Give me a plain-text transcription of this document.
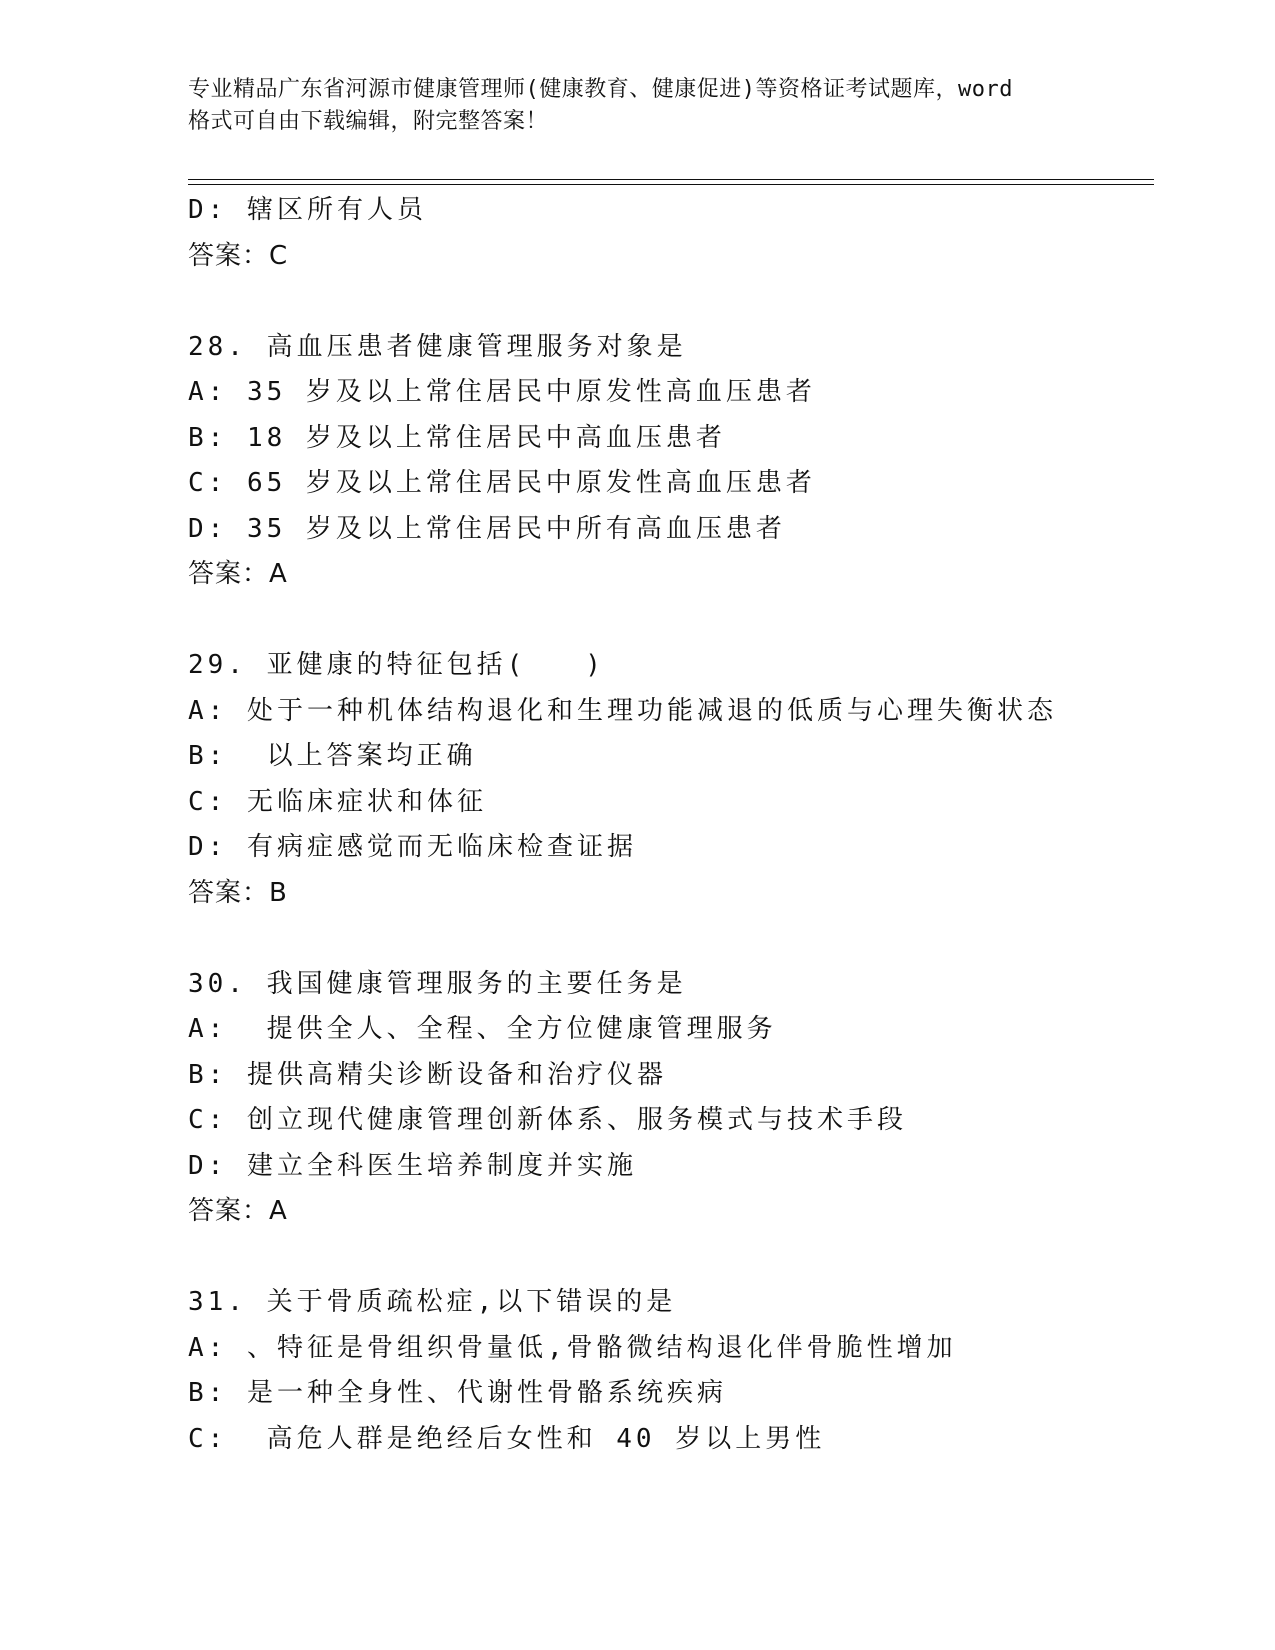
专业精品广东省河源市健康管理师(健康教育、健康促进)等资格证考试题库，word
格式可自由下载编辑，附完整答案！
D: 辖区所有人员
答案：C
28. 高血压患者健康管理服务对象是
A: 35 岁及以上常住居民中原发性高血压患者
B: 18 岁及以上常住居民中高血压患者
C: 65 岁及以上常住居民中原发性高血压患者
D: 35 岁及以上常住居民中所有高血压患者
答案：A
29. 亚健康的特征包括(   )
A: 处于一种机体结构退化和生理功能减退的低质与心理失衡状态
B:  以上答案均正确
C: 无临床症状和体征
D: 有病症感觉而无临床检查证据
答案：B
30. 我国健康管理服务的主要任务是
A:  提供全人、全程、全方位健康管理服务
B: 提供高精尖诊断设备和治疗仪器
C: 创立现代健康管理创新体系、服务模式与技术手段
D: 建立全科医生培养制度并实施
答案：A
31. 关于骨质疏松症,以下错误的是
A: 、特征是骨组织骨量低,骨骼微结构退化伴骨脆性增加
B: 是一种全身性、代谢性骨骼系统疾病
C:  高危人群是绝经后女性和 40 岁以上男性
